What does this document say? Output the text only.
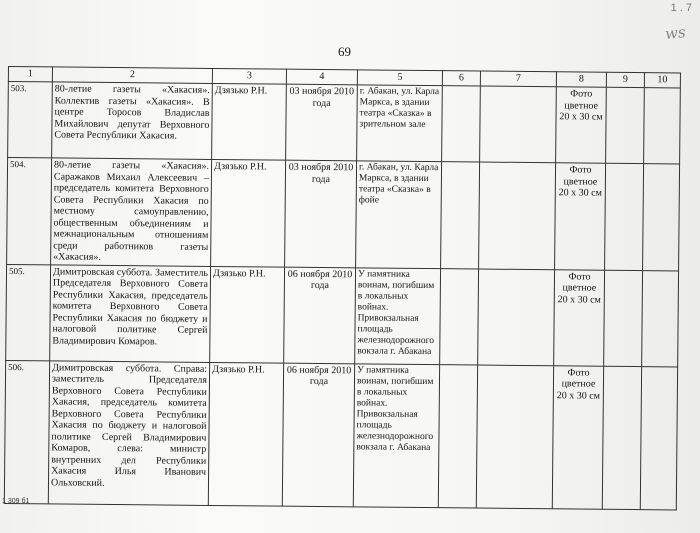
1 . 7
ws
69
1 309 б1
1	2	3	4	5	6	7	8	9	10
503.	80-летие газеты «Хакасия». Коллектив газеты «Хакасия». В центре Торосов Владислав Михайлович депутат Верховного Совета Республики Хакасия.	Дзязько Р.Н.	03 ноября 2010 года	г. Абакан, ул. Карла Маркса, в здании театра «Сказка» в зрительном зале			Фото цветное 20 x 30 см		
504.	80-летие газеты «Хакасия». Саражаков Михаил Алексеевич – председатель комитета Верховного Совета Республики Хакасия по местному самоуправлению, общественным объединениям и межнациональным отношениям среди работников газеты «Хакасия».	Дзязько Р.Н.	03 ноября 2010 года	г. Абакан, ул. Карла Маркса, в здании театра «Сказка» в фойе			Фото цветное 20 x 30 см		
505.	Димитровская суббота. Заместитель Председателя Верховного Совета Республики Хакасия, председатель комитета Верховного Совета Республики Хакасия по бюджету и налоговой политике Сергей Владимирович Комаров.	Дзязько Р.Н.	06 ноября 2010 года	У памятника воинам, погибшим в локальных войнах. Привокзальная площадь железнодорожного вокзала г. Абакана			Фото цветное 20 x 30 см		
506.	Димитровская суббота. Справа: заместитель Председателя Верховного Совета Республики Хакасия, председатель комитета Верховного Совета Республики Хакасия по бюджету и налоговой политике Сергей Владимирович Комаров, слева: министр внутренних дел Республики Хакасия Илья Иванович Ольховский.	Дзязько Р.Н.	06 ноября 2010 года	У памятника воинам, погибшим в локальных войнах. Привокзальная площадь железнодорожного вокзала г. Абакана			Фото цветное 20 x 30 см		
